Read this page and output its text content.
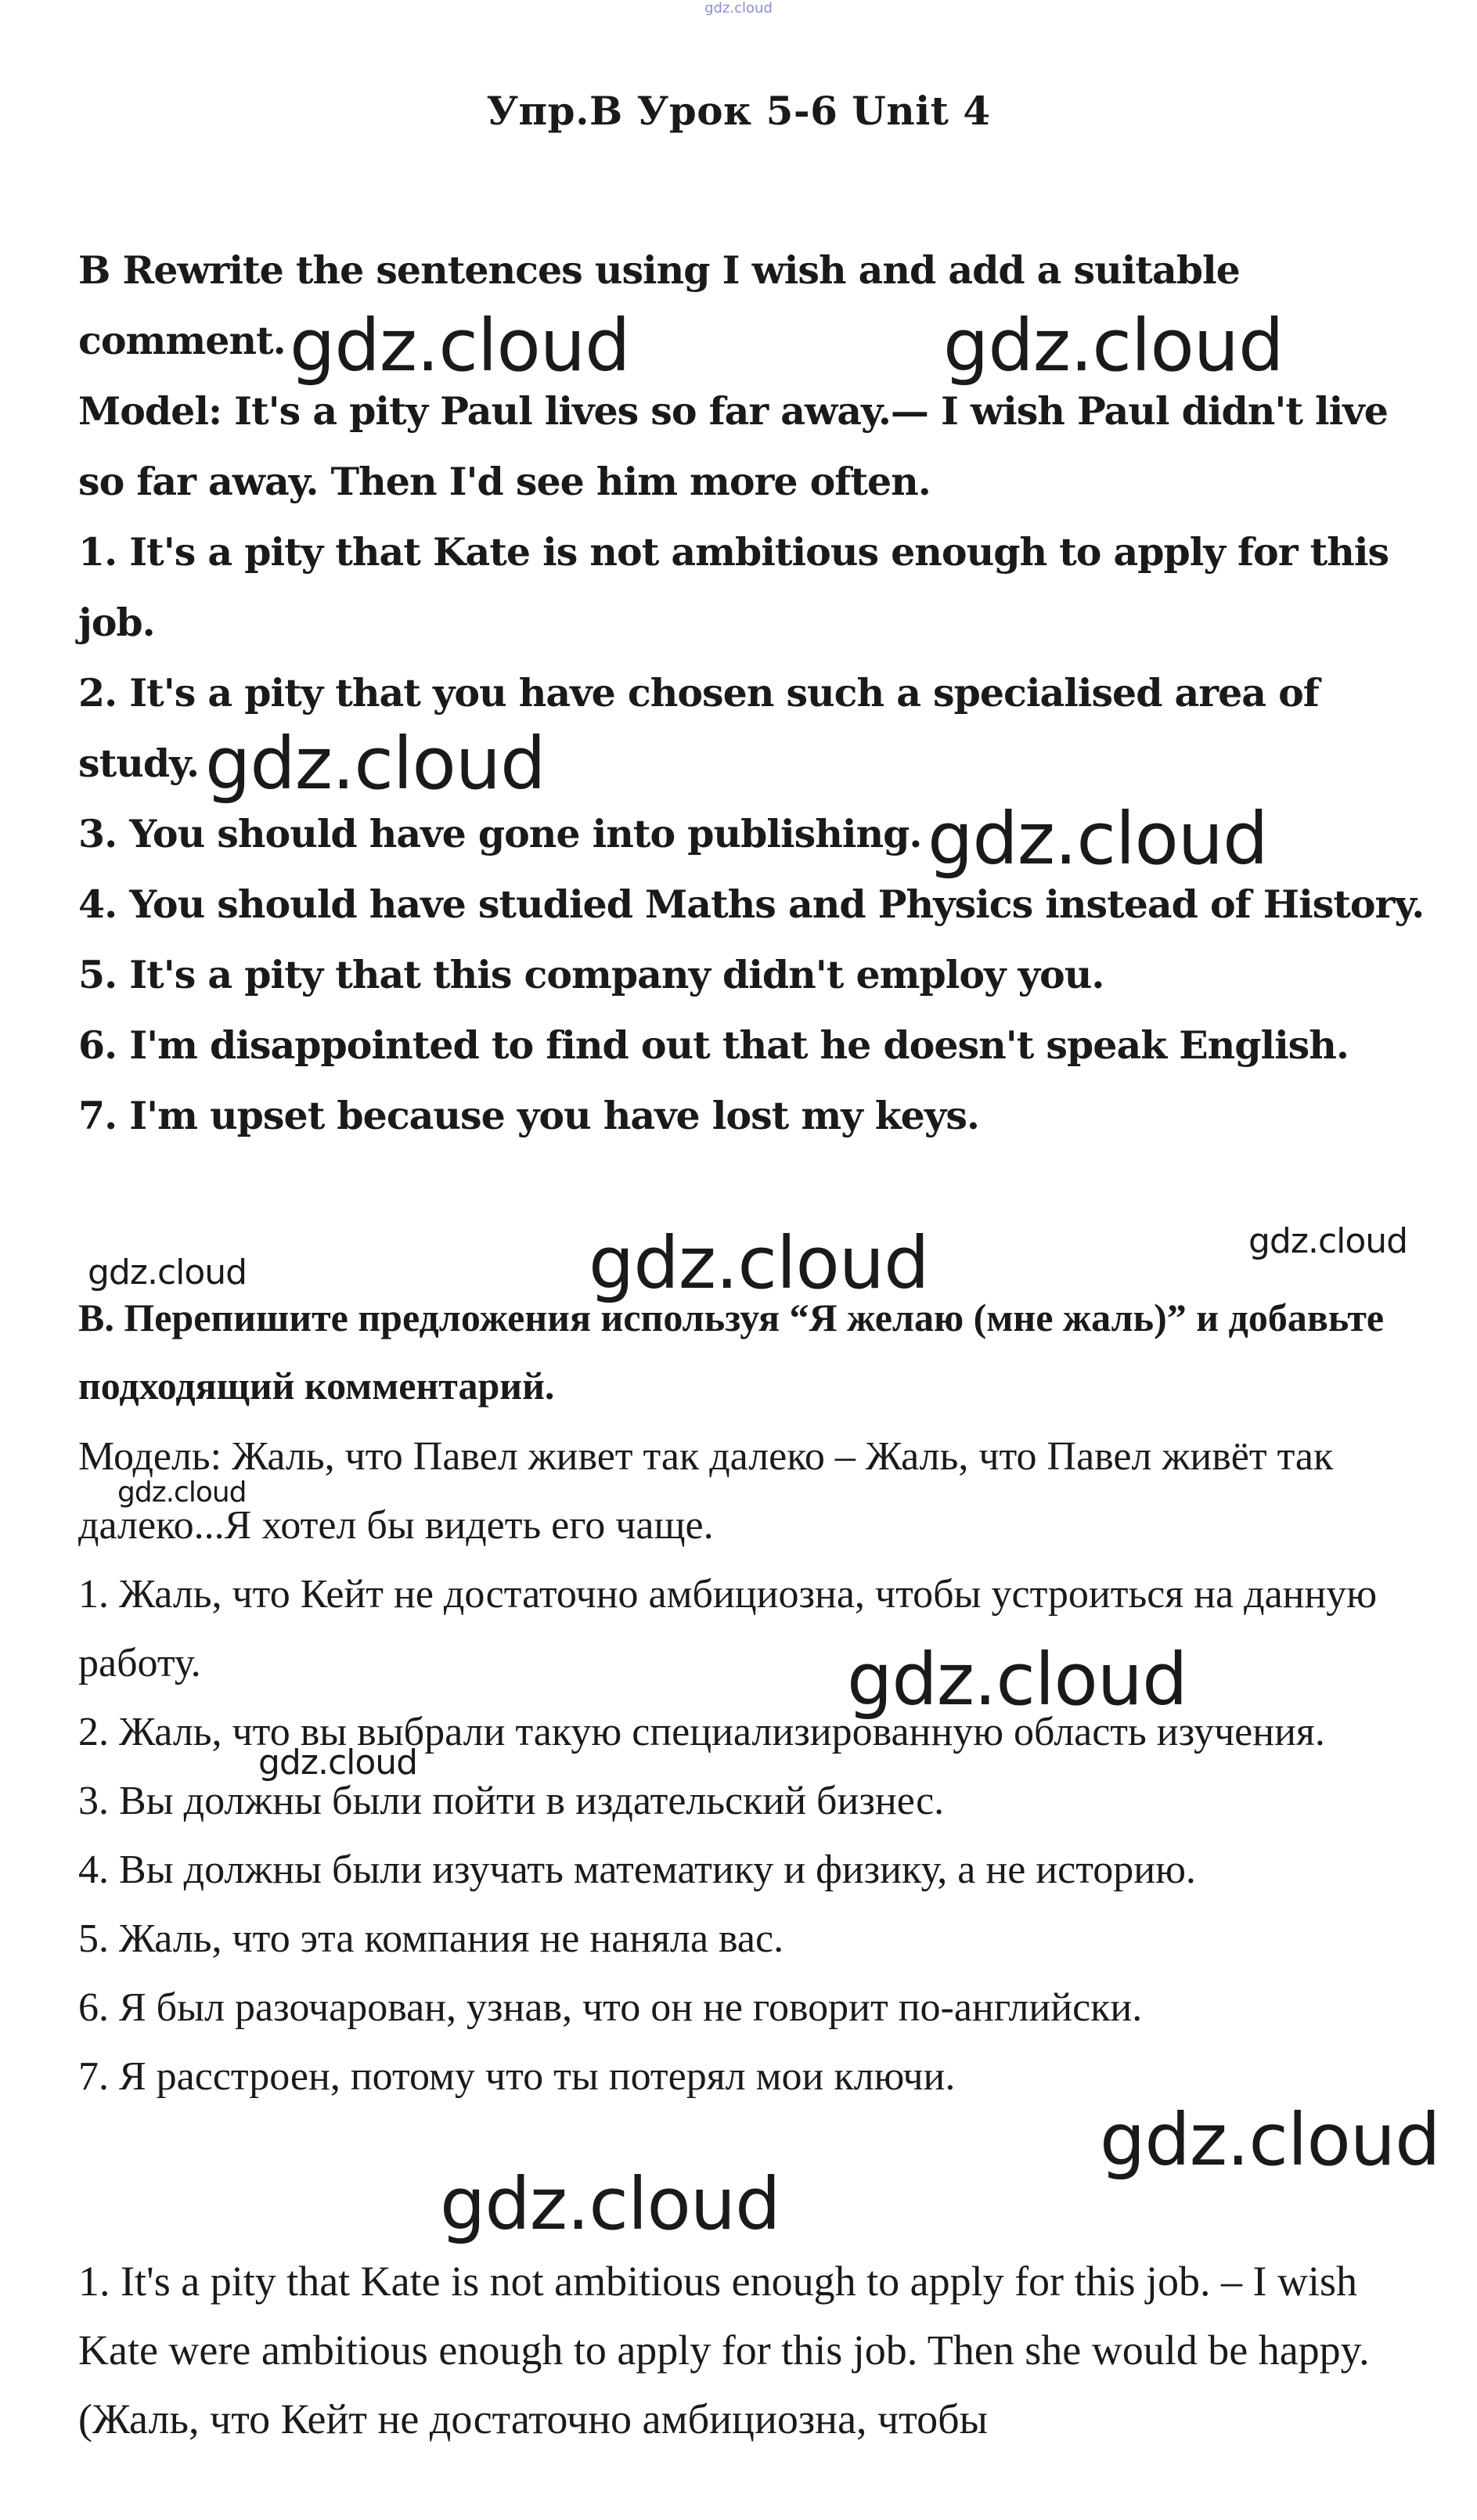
gdz.cloud
Упр.B Урок 5-6 Unit 4

B Rewrite the sentences using I wish and add a suitable comment.

Model: It's a pity Paul lives so far away.— I wish Paul didn't live so far away. Then I'd see him more often.

1. It's a pity that Kate is not ambitious enough to apply for this job.

2. It's a pity that you have chosen such a specialised area of study.

3. You should have gone into publishing.

4. You should have studied Maths and Physics instead of History.

5. It's a pity that this company didn't employ you.

6. I'm disappointed to find out that he doesn't speak English.

7. I'm upset because you have lost my keys.

В. Перепишите предложения используя “Я желаю (мне жаль)” и добавьте подходящий комментарий.

Модель: Жаль, что Павел живет так далеко – Жаль, что Павел живёт так далеко...Я хотел бы видеть его чаще.

1. Жаль, что Кейт не достаточно амбициозна, чтобы устроиться на данную работу.

2. Жаль, что вы выбрали такую специализированную область изучения.

3. Вы должны были пойти в издательский бизнес.

4. Вы должны были изучать математику и физику, а не историю.

5. Жаль, что эта компания не наняла вас.

6. Я был разочарован, узнав, что он не говорит по-английски.

7. Я расстроен, потому что ты потерял мои ключи.

1. It's a pity that Kate is not ambitious enough to apply for this job. – I wish Kate were ambitious enough to apply for this job. Then she would be happy. (Жаль, что Кейт не достаточно амбициозна, чтобы

gdz.cloud	gdz.cloud
gdz.cloud
gdz.cloud
gdz.cloud	gdz.cloud	gdz.cloud
gdz.cloud
gdz.cloud
gdz.cloud
gdz.cloud
gdz.cloud
